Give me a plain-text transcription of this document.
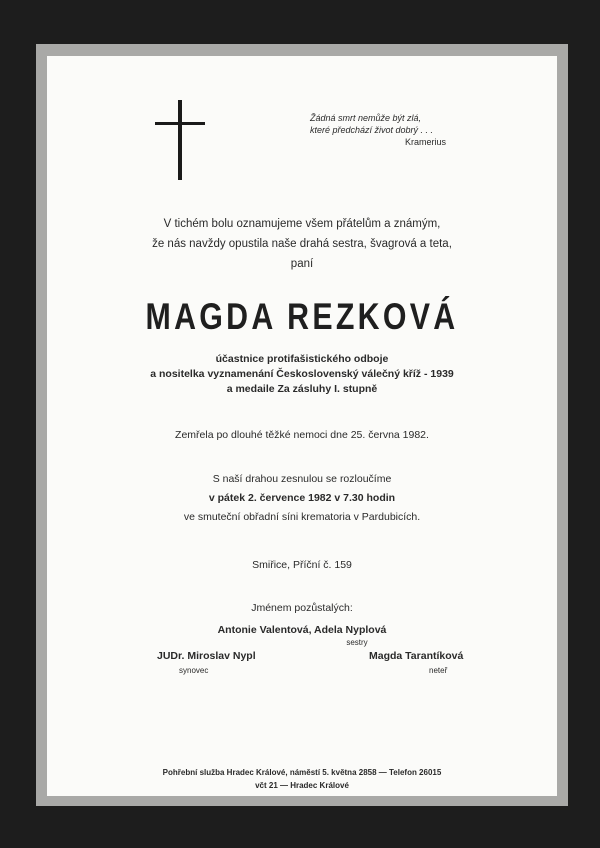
Žádná smrt nemůže být zlá,
které předchází život dobrý . . .
Kramerius
V tichém bolu oznamujeme všem přátelům a známým,
že nás navždy opustila naše drahá sestra, švagrová a teta,
paní
MAGDA REZKOVÁ
účastnice protifašistického odboje
a nositelka vyznamenání Československý válečný kříž - 1939
a medaile Za zásluhy I. stupně
Zemřela po dlouhé těžké nemoci dne 25. června 1982.
S naší drahou zesnulou se rozloučíme
v pátek 2. července 1982 v 7.30 hodin
ve smuteční obřadní síni krematoria v Pardubicích.
Smiřice, Příční č. 159
Jménem pozůstalých:
Antonie Valentová, Adela Nyplová
sestry
JUDr. Miroslav Nypl
synovec
Magda Tarantíková
neteř
Pohřební služba Hradec Králové, náměstí 5. května 2858 — Telefon 26015
včt 21 — Hradec Králové
